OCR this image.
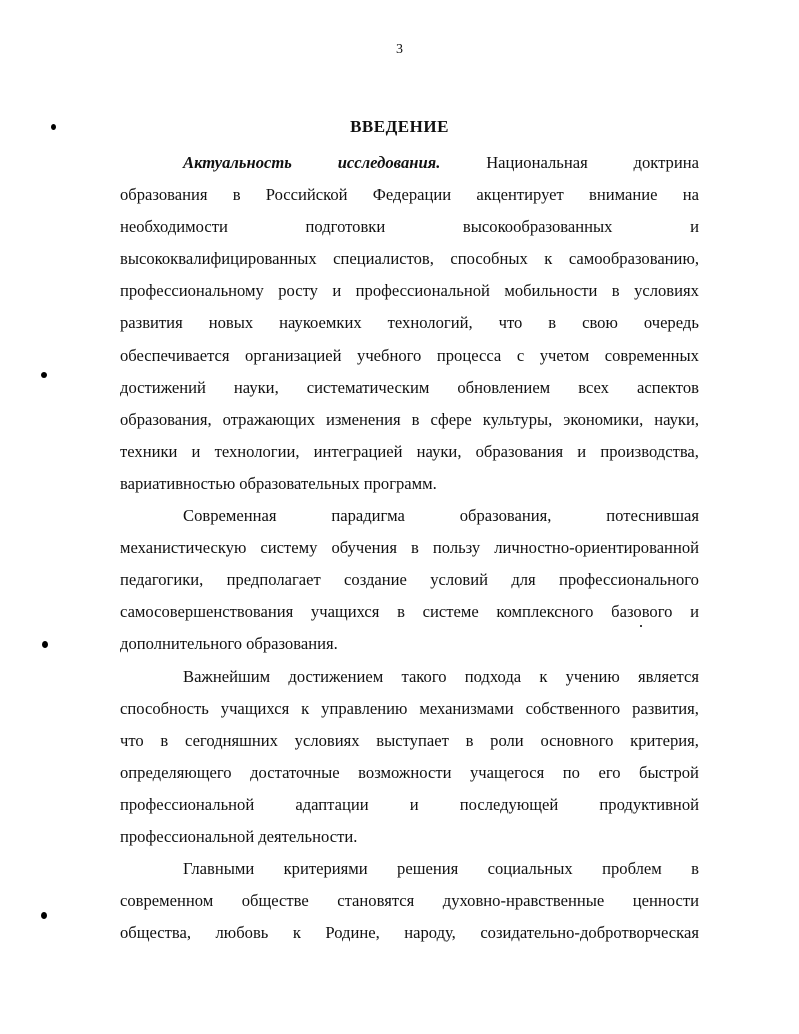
3
ВВЕДЕНИЕ
Актуальность	исследования.	Национальная	доктрина
образования в Российской Федерации акцентирует внимание на
необходимости	подготовки	высокообразованных	и
высококвалифицированных специалистов, способных к самообразованию,
профессиональному росту и профессиональной мобильности в условиях
развития новых наукоемких технологий, что в свою очередь
обеспечивается организацией учебного процесса с учетом современных
достижений науки, систематическим обновлением всех аспектов
образования, отражающих изменения в сфере культуры, экономики, науки,
техники и технологии, интеграцией науки, образования и производства,
вариативностью образовательных программ.
Современная	парадигма	образования,	потеснившая
механистическую систему обучения в пользу личностно-ориентированной
педагогики, предполагает создание условий для профессионального
самосовершенствования учащихся в системе комплексного базового и
дополнительного образования.
Важнейшим достижением такого подхода к учению является
способность учащихся к управлению механизмами собственного развития,
что в сегодняшних условиях выступает в роли основного критерия,
определяющего достаточные возможности учащегося по его быстрой
профессиональной адаптации и последующей продуктивной
профессиональной деятельности.
Главными критериями решения социальных проблем в
современном обществе становятся духовно-нравственные ценности
общества, любовь к Родине, народу, созидательно-добротворческая
